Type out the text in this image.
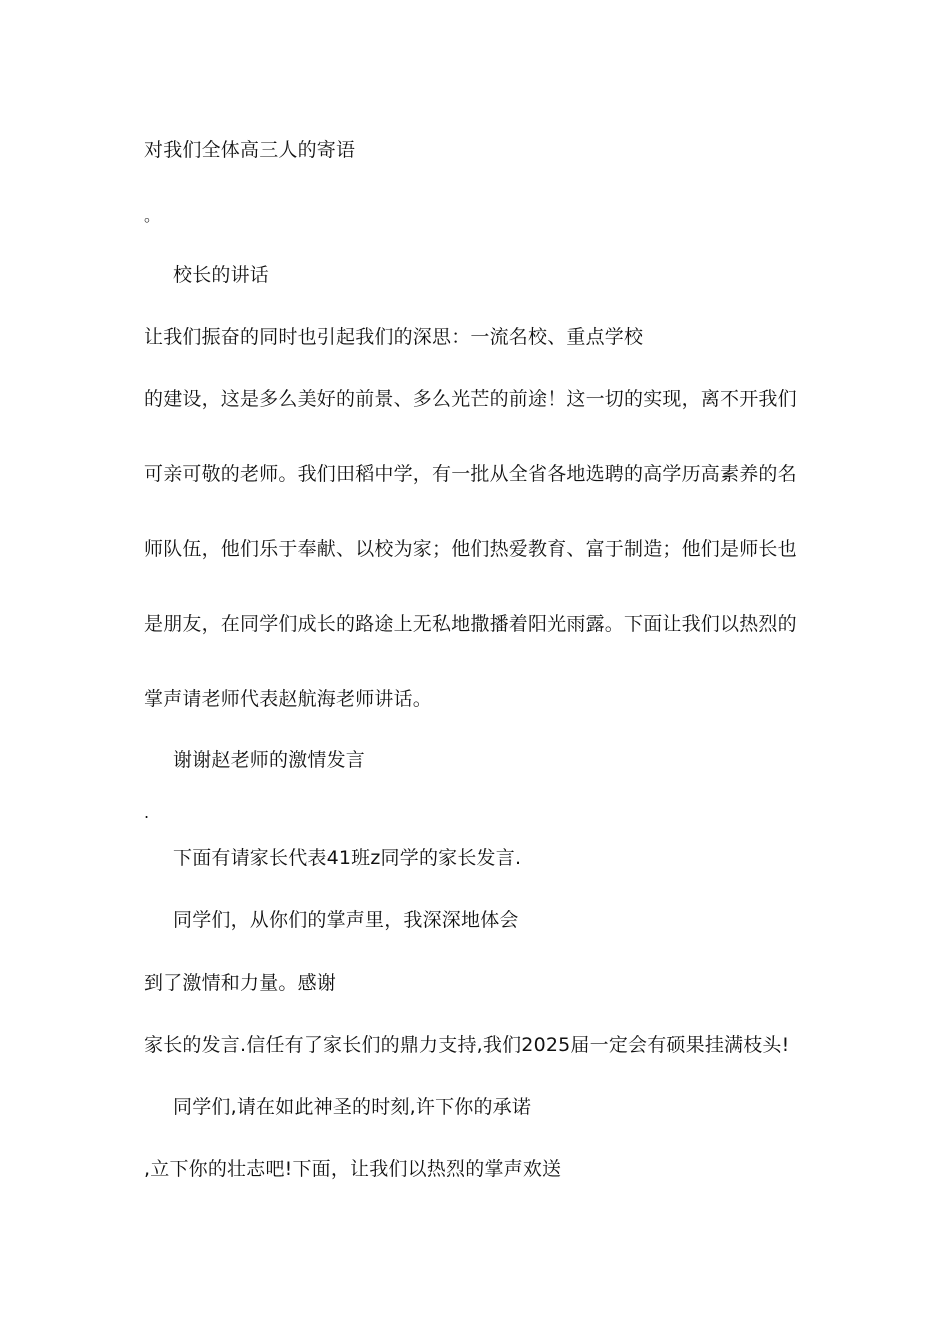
对我们全体高三人的寄语
。
校长的讲话
让我们振奋的同时也引起我们的深思：一流名校、重点学校
的建设，这是多么美好的前景、多么光芒的前途！这一切的实现，离不开我们
可亲可敬的老师。我们田稻中学，有一批从全省各地选聘的高学历高素养的名
师队伍，他们乐于奉献、以校为家；他们热爱教育、富于制造；他们是师长也
是朋友，在同学们成长的路途上无私地撒播着阳光雨露。下面让我们以热烈的
掌声请老师代表赵航海老师讲话。
谢谢赵老师的激情发言
.
下面有请家长代表41班z同学的家长发言.
同学们，从你们的掌声里，我深深地体会
到了激情和力量。感谢
家长的发言.信任有了家长们的鼎力支持,我们2025届一定会有硕果挂满枝头!
同学们,请在如此神圣的时刻,许下你的承诺
,立下你的壮志吧!下面，让我们以热烈的掌声欢送
